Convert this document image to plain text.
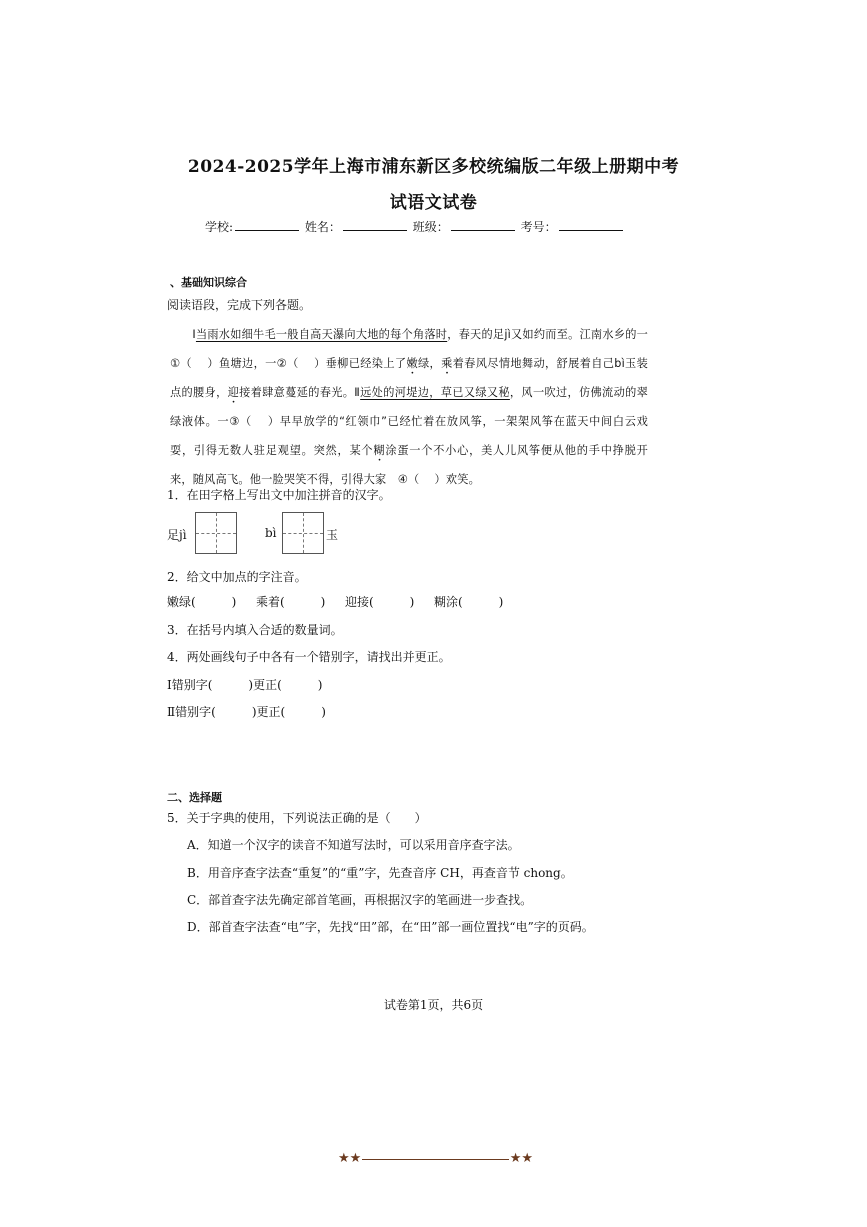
2024-2025学年上海市浦东新区多校统编版二年级上册期中考
试语文试卷
学校:	姓名：	班级：	考号：
、基础知识综合
阅读语段，完成下列各题。

Ⅰ当雨水如细牛毛一般自高天瀑向大地的每个角落时，春天的足jì又如约而至。江南水乡的一①（　 ）鱼塘边，一②（　 ）垂柳已经染上了嫩绿，乘着春风尽情地舞动，舒展着自己bì玉装点的腰身，迎接着肆意蔓延的春光。Ⅱ远处的河堤边，草已又绿又秘，风一吹过，仿佛流动的翠绿液体。一③（　 ）早早放学的“红领巾”已经忙着在放风筝，一架架风筝在蓝天中间白云戏耍，引得无数人驻足观望。突然，某个糊涂蛋一个不小心，美人儿风筝便从他的手中挣脱开来，随风高飞。他一脸哭笑不得，引得大家　④（　 ）欢笑。

1．在田字格上写出文中加注拼音的汉字。
足jì	bì	玉
2．给文中加点的字注音。
嫩绿(　　　) 乘着(　　　) 迎接(　　　) 糊涂(　　　)
3．在括号内填入合适的数量词。
4．两处画线句子中各有一个错别字，请找出并更正。
Ⅰ错别字(　　　)更正(　　　)
Ⅱ错别字(　　　)更正(　　　)
二、选择题
5．关于字典的使用，下列说法正确的是（　　）
A．知道一个汉字的读音不知道写法时，可以采用音序查字法。
B．用音序查字法查“重复”的“重”字，先查音序 CH，再查音节 chong。
C．部首查字法先确定部首笔画，再根据汉字的笔画进一步查找。
D．部首查字法查“电”字，先找“田”部，在“田”部一画位置找“电”字的页码。
试卷第1页，共6页
★★	★★
